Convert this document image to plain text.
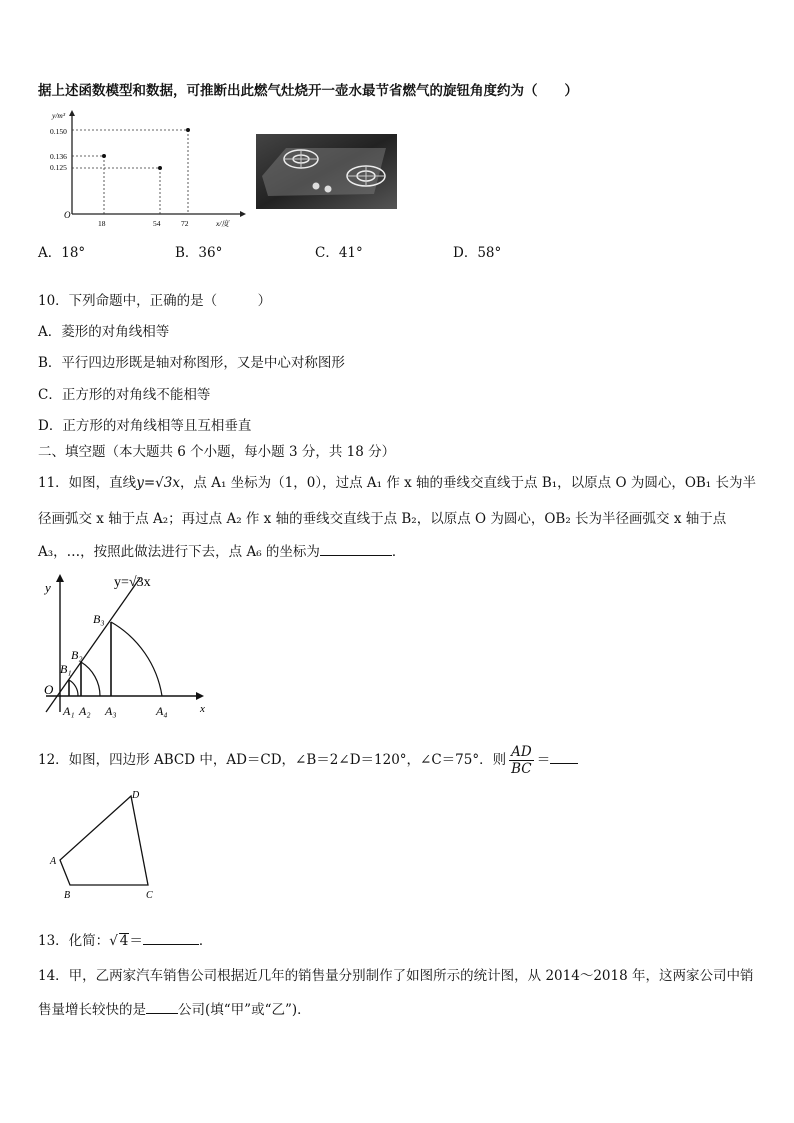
据上述函数模型和数据，可推断出此燃气灶烧开一壶水最节省燃气的旋钮角度约为（　　）
y/m³
x/度
O
0.150
0.136
0.125
18	54	72
A．18°	B．36°	C．41°	D．58°
10．下列命题中，正确的是（　　　）
A．菱形的对角线相等
B．平行四边形既是轴对称图形，又是中心对称图形
C．正方形的对角线不能相等
D．正方形的对角线相等且互相垂直
二、填空题（本大题共 6 个小题，每小题 3 分，共 18 分）
11．如图，直线y=√3x，点 A₁ 坐标为（1，0），过点 A₁ 作 x 轴的垂线交直线于点 B₁，以原点 O 为圆心，OB₁ 长为半
径画弧交 x 轴于点 A₂；再过点 A₂ 作 x 轴的垂线交直线于点 B₂，以原点 O 为圆心，OB₂ 长为半径画弧交 x 轴于点
A₃，…，按照此做法进行下去，点 A₆ 的坐标为	．
y=√3x
y
O
x
A₁ A₂ A₃	A₄
B₁
B₂
B₃
12．如图，四边形 ABCD 中，AD＝CD，∠B＝2∠D＝120°，∠C＝75°．则 $\frac{AD}{BC}$ ＝
A
B	C
D
13．化简：√ 4＝	．
14．甲，乙两家汽车销售公司根据近几年的销售量分别制作了如图所示的统计图，从 2014～2018 年，这两家公司中销
售量增长较快的是 公司(填“甲”或“乙”)．
